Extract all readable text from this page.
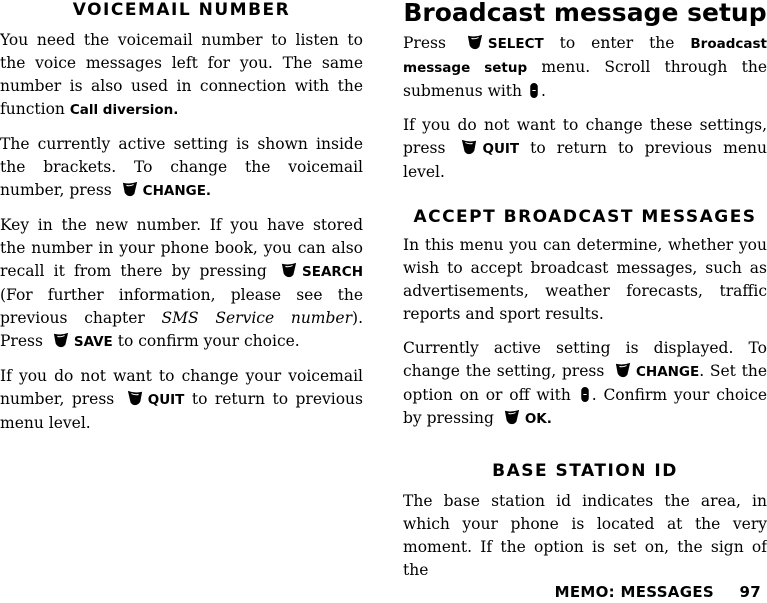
VOICEMAIL NUMBER

You need the voicemail number to listen to the voice messages left for you. The same number is also used in connection with the function Call diversion.

The currently active setting is shown inside the brackets. To change the voicemail number, press CHANGE.

Key in the new number. If you have stored the number in your phone book, you can also recall it from there by pressing SEARCH (For further information, please see the previous chapter SMS Service number). Press SAVE to confirm your choice.

If you do not want to change your voicemail number, press QUIT to return to previous menu level.

Broadcast message setup

Press SELECT to enter the Broadcast message setup menu. Scroll through the submenus with .

If you do not want to change these settings, press QUIT to return to previous menu level.

ACCEPT BROADCAST MESSAGES

In this menu you can determine, whether you wish to accept broadcast messages, such as advertisements, weather forecasts, traffic reports and sport results.

Currently active setting is displayed. To change the setting, press CHANGE. Set the option on or off with . Confirm your choice by pressing OK.

BASE STATION ID

The base station id indicates the area, in which your phone is located at the very moment. If the option is set on, the sign of the

MEMO: MESSAGES 97
